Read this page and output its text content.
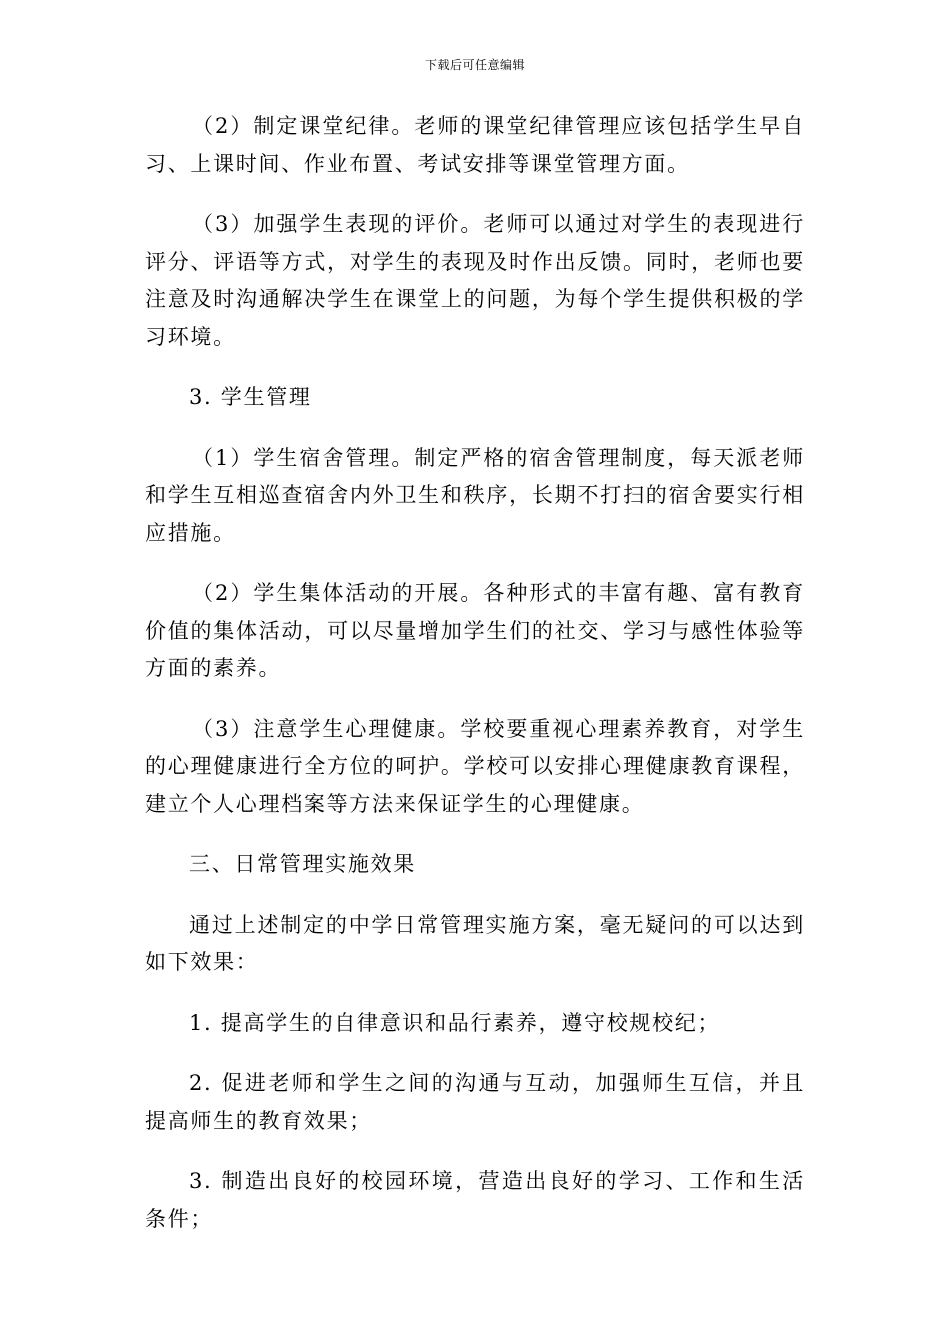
下载后可任意编辑

（2）制定课堂纪律。老师的课堂纪律管理应该包括学生早自习、上课时间、作业布置、考试安排等课堂管理方面。

（3）加强学生表现的评价。老师可以通过对学生的表现进行评分、评语等方式，对学生的表现及时作出反馈。同时，老师也要注意及时沟通解决学生在课堂上的问题，为每个学生提供积极的学习环境。

3. 学生管理

（1）学生宿舍管理。制定严格的宿舍管理制度，每天派老师和学生互相巡查宿舍内外卫生和秩序，长期不打扫的宿舍要实行相应措施。

（2）学生集体活动的开展。各种形式的丰富有趣、富有教育价值的集体活动，可以尽量增加学生们的社交、学习与感性体验等方面的素养。

（3）注意学生心理健康。学校要重视心理素养教育，对学生的心理健康进行全方位的呵护。学校可以安排心理健康教育课程，建立个人心理档案等方法来保证学生的心理健康。

三、日常管理实施效果

通过上述制定的中学日常管理实施方案，毫无疑问的可以达到如下效果：

1. 提高学生的自律意识和品行素养，遵守校规校纪；

2. 促进老师和学生之间的沟通与互动，加强师生互信，并且提高师生的教育效果；

3. 制造出良好的校园环境，营造出良好的学习、工作和生活条件；
